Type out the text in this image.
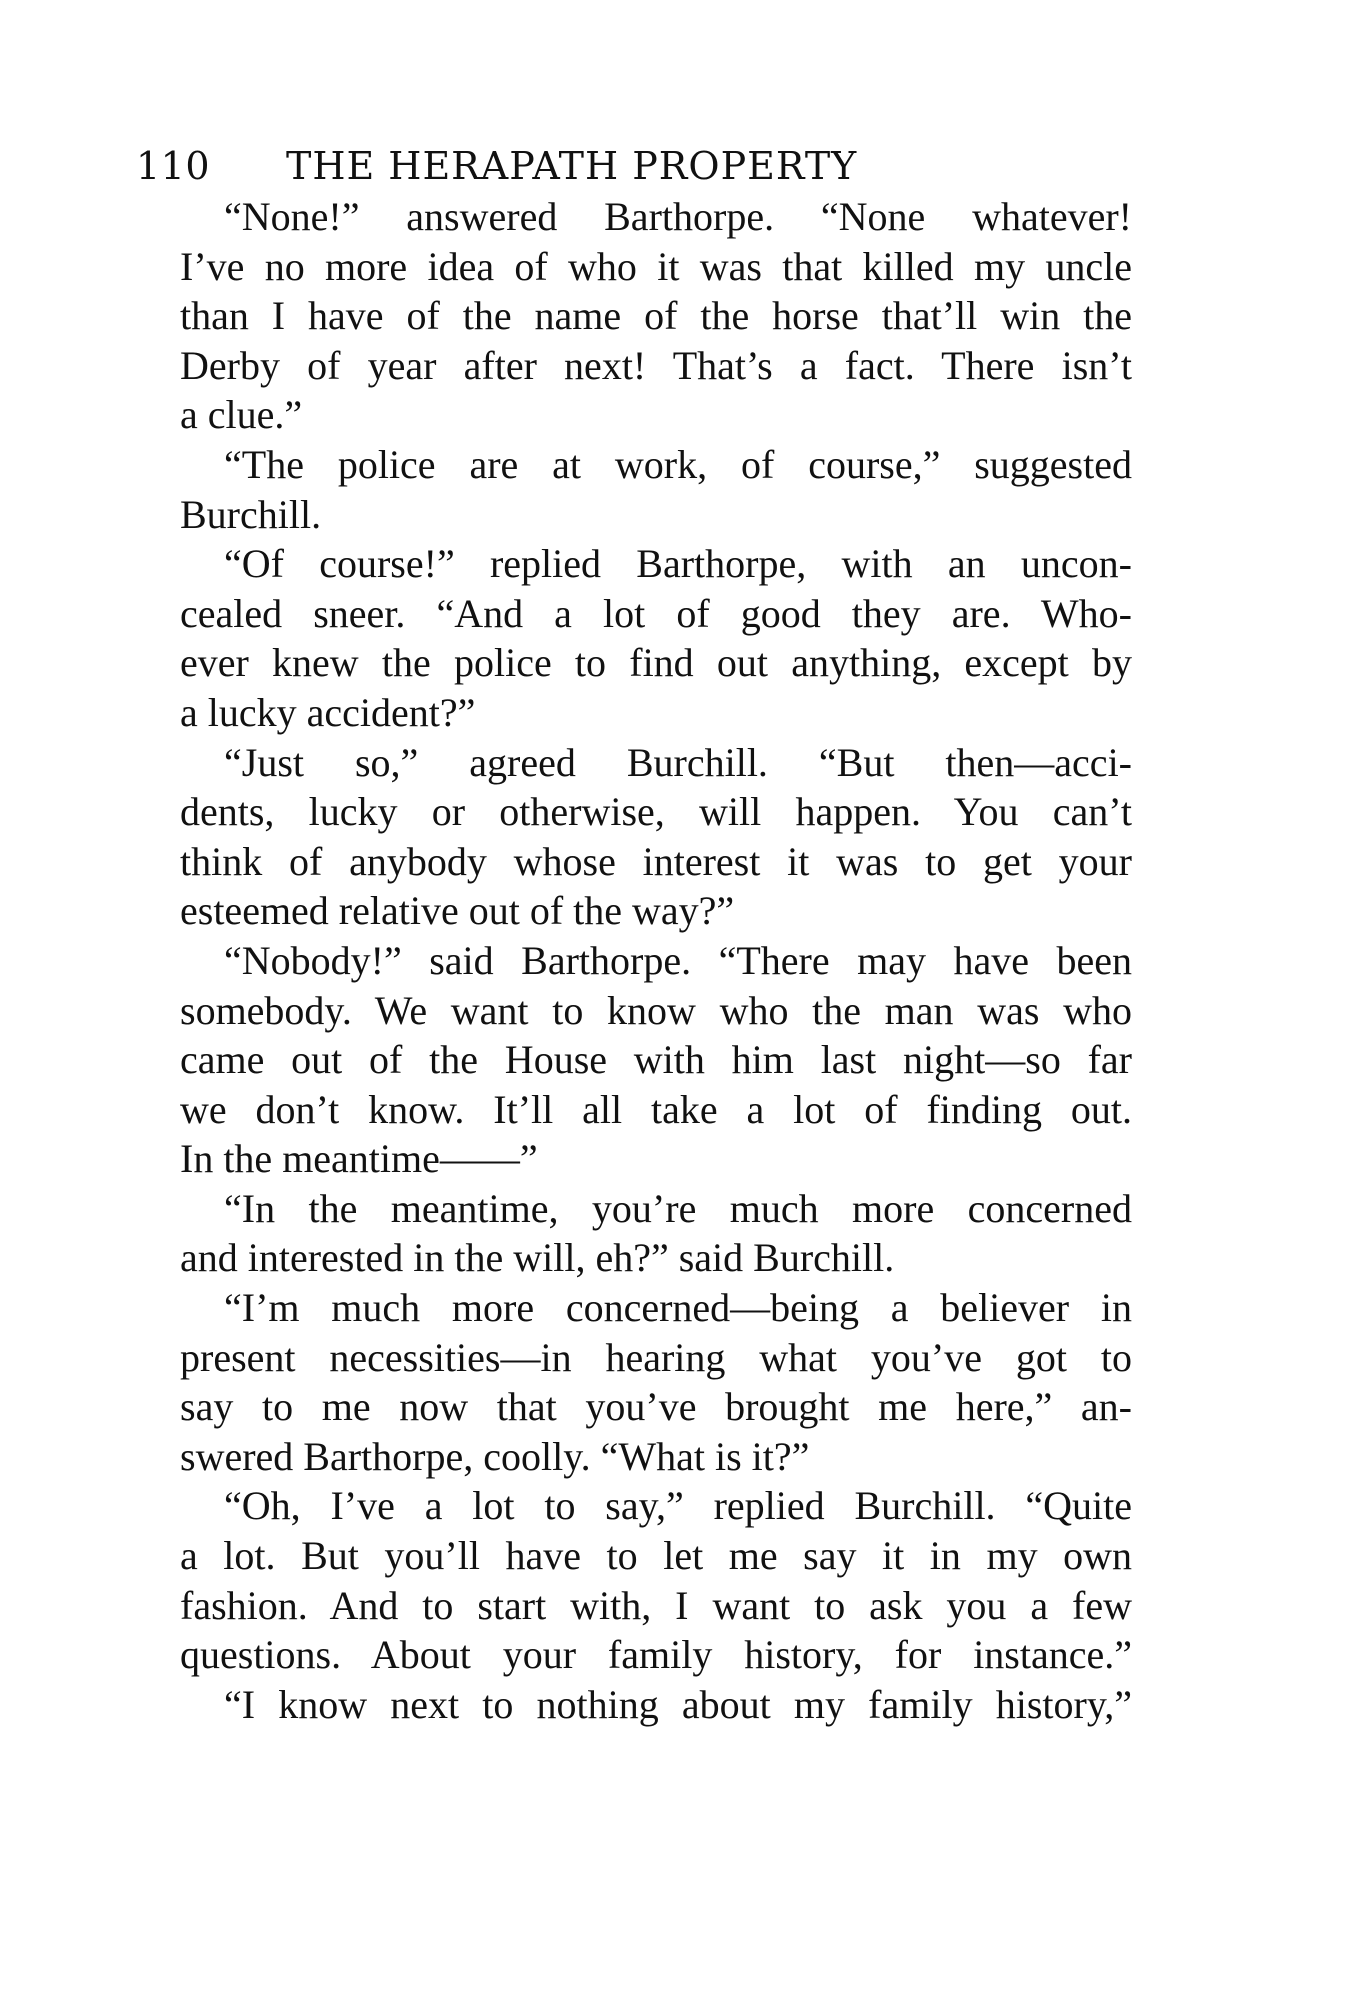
110	THE HERAPATH PROPERTY
“None!” answered Barthorpe. “None whatever!
I’ve no more idea of who it was that killed my uncle
than I have of the name of the horse that’ll win the
Derby of year after next! That’s a fact. There isn’t
a clue.”
“The police are at work, of course,” suggested
Burchill.
“Of course!” replied Barthorpe, with an uncon-
cealed sneer. “And a lot of good they are. Who-
ever knew the police to find out anything, except by
a lucky accident?”
“Just so,” agreed Burchill. “But then—acci-
dents, lucky or otherwise, will happen. You can’t
think of anybody whose interest it was to get your
esteemed relative out of the way?”
“Nobody!” said Barthorpe. “There may have been
somebody. We want to know who the man was who
came out of the House with him last night—so far
we don’t know. It’ll all take a lot of finding out.
In the meantime——”
“In the meantime, you’re much more concerned
and interested in the will, eh?” said Burchill.
“I’m much more concerned—being a believer in
present necessities—in hearing what you’ve got to
say to me now that you’ve brought me here,” an-
swered Barthorpe, coolly. “What is it?”
“Oh, I’ve a lot to say,” replied Burchill. “Quite
a lot. But you’ll have to let me say it in my own
fashion. And to start with, I want to ask you a few
questions. About your family history, for instance.”
“I know next to nothing about my family history,”
